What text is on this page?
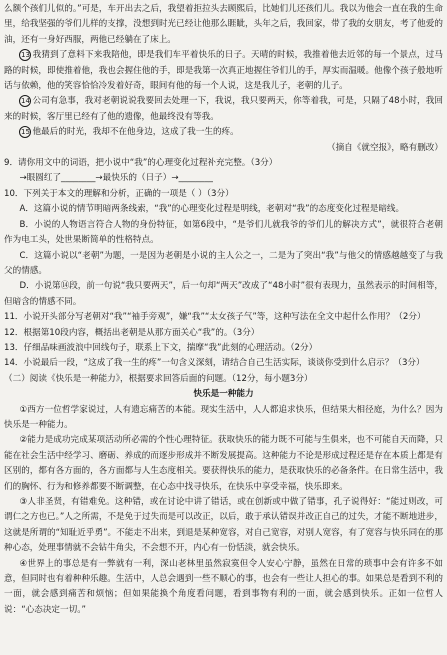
么额个孩们儿似的。”可是，车开出去之后，我望着拒拉头去顾熙后，比她们儿还孩们儿。我以为他会一直在我的生命里，给我坚强的爷们儿样的支撑，没想到时光已经让他那么睚眦，头年之后，我回家，带了我的女朋友，考了他爱的油，还有一身好西服，两他已经躺在了床上。

13 我猜到了意料下来我陪他，即是我们车平着快乐的日子。天晴的时候，我推着他去近邻的每一个景点，过马路的时候，即使推着他，我也会握住他的手，即是我第一次真正地握住爷们儿的手，厚实而温暖。他像个孩子般地听话与依赖，他的笑容恰恰冷发着好奇，眼间有他的每一个人说，这是我儿子，老朝的儿子。

14 公司有急事，我对老朝说说我要回去处理一下，我说，我只要两天，你等着我，可是，只隔了48小时，我回来的时候，客厅里已经有了他的遗像，他最终没有等我。

15 他最后的时光，我却不在他身边，这成了我一生的疼。

（摘自《就空报》，略有删改）

9．请你用文中的词语，把小说中“我”的心理变化过程补充完整。（3分）

→眼圆红了________→最快乐的（日子）→________

10．下列关于本文的理解和分析，正确的一项是（ ）（3分）

A．这篇小说的情节明暗两条线索，“我”的心理变化过程是明线，老朝对“我”的态度变化过程是暗线。

B．小说的人物语言符合人物的身份特征，如第6段中，“是爷们儿就我爷的爷们儿的解决方式”，就很符合老朝作为电工头，处世果断简单的性格特点。

C．这篇小说以“老朝”为题，一是因为老朝是小说的主人公之一，二是为了突出“我”与他父的情感越越变了与我父的情感。

D．小说第⑭段，前一句说“我只要两天”，后一句却“两天”改成了“48小时”很有表现力，虽然表示的时间相等，但暗含的情感不同。

11．小说开头部分写老朝对“我”“袖手旁观”，嫌“我”“太女孩子气”等，这种写法在全文中起什么作用？（2分）

12．根据第10段内容，概括出老朝是从那方面关心“我”的。（3分）

13．仔细品味画波浪中回线句子，联系上下文，揣摩“我”此刻的心理活动。（2分）

14．小说最后一段，“这成了我一生的疼”一句含义深刻，请结合自己生活实际，谈谈你受到什么启示？（3分）

（二）阅读《快乐是一种能力》，根据要求回答后面的问题。（12分，每小题3分）

快乐是一种能力

①西方一位哲学家说过，人有遗忘痛苦的本能。现实生活中，人人都追求快乐，但结果大相径庭，为什么？因为快乐是一种能力。

②能力是成功完成某项活动所必需的个性心理特征。获取快乐的能力既不可能与生俱来，也不可能自天而降，只能在社会生活中经学习、磨砺、养成的而逐步形成并不断发展提高。这种能力不论是形成过程还是存在本质上都是有区别的，都有各方面的，各方面都与人生态度相关。要获得快乐的能力，是获取快乐的必备条件。在日常生活中，我们的胸怀、行为和修养都要不断调整，在心态中找寻快乐，在快乐中享受幸福，快乐即来。

③人非圣贤，有错难免。这种错，或在讨论中讲了错话，或在创新或中做了错事，孔子说得好：“能过则改，可谓仁之方也已。”人之所需，不是免于过失而是可以改正，以后，敢于承认错误并改正自己的过失，才能不断地进步，这就是所谓的“知耻近乎勇”。不能走不出来，到退是某种宽容，对自己宽容，对别人宽容，有了宽容与快乐同在的那种心态，处理事情就不会钻牛角尖，不会想不开，内心有一份恬淡，就会快乐。

④世界上的事总是有一弊就有一利，深山老林里虽然寂寞但令人安心宁静，虽然在日常的琐事中会有许多不如意，但同时也有着种种乐趣。生活中，人总会遇到一些不顺心的事，也会有一些让人担心的事。如果总是看到不利的一面，就会感到痛苦和烦恼；但如果能换个角度看问题，看到事物有利的一面，就会感到快乐。正如一位哲人说：“心态决定一切。”
